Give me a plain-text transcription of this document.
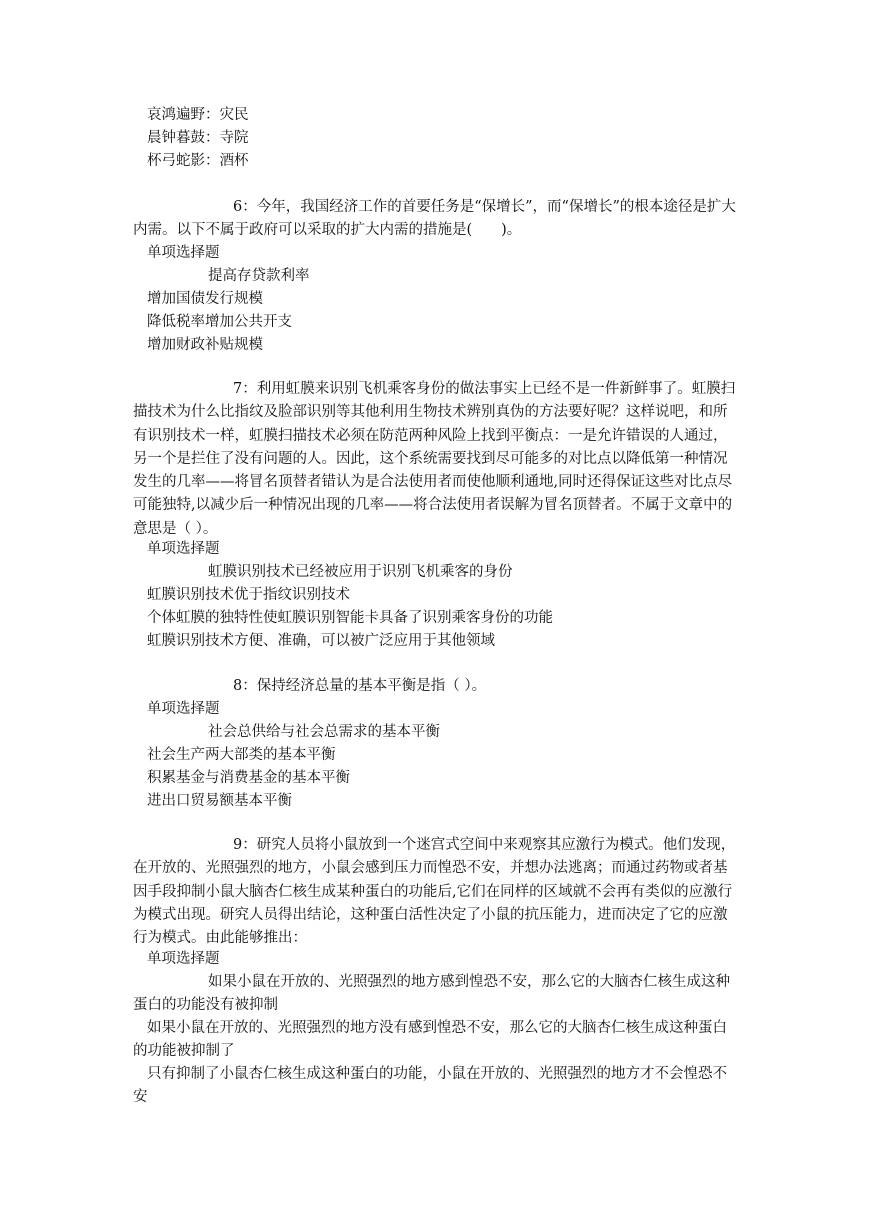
哀鸿遍野：灾民
晨钟暮鼓：寺院
杯弓蛇影：酒杯
6：今年，我国经济工作的首要任务是“保增长”，而“保增长”的根本途径是扩大内需。以下不属于政府可以采取的扩大内需的措施是(　　)。
单项选择题
提高存贷款利率
增加国债发行规模
降低税率增加公共开支
增加财政补贴规模
7：利用虹膜来识别飞机乘客身份的做法事实上已经不是一件新鲜事了。虹膜扫描技术为什么比指纹及脸部识别等其他利用生物技术辨别真伪的方法要好呢？这样说吧，和所有识别技术一样，虹膜扫描技术必须在防范两种风险上找到平衡点：一是允许错误的人通过，另一个是拦住了没有问题的人。因此，这个系统需要找到尽可能多的对比点以降低第一种情况发生的几率——将冒名顶替者错认为是合法使用者而使他顺利通地,同时还得保证这些对比点尽可能独特,以减少后一种情况出现的几率——将合法使用者误解为冒名顶替者。不属于文章中的意思是（ ）。
单项选择题
虹膜识别技术已经被应用于识别飞机乘客的身份
虹膜识别技术优于指纹识别技术
个体虹膜的独特性使虹膜识别智能卡具备了识别乘客身份的功能
虹膜识别技术方便、准确，可以被广泛应用于其他领域
8：保持经济总量的基本平衡是指（ ）。
单项选择题
社会总供给与社会总需求的基本平衡
社会生产两大部类的基本平衡
积累基金与消费基金的基本平衡
进出口贸易额基本平衡
9：研究人员将小鼠放到一个迷宫式空间中来观察其应激行为模式。他们发现，在开放的、光照强烈的地方，小鼠会感到压力而惶恐不安，并想办法逃离；而通过药物或者基因手段抑制小鼠大脑杏仁核生成某种蛋白的功能后,它们在同样的区域就不会再有类似的应激行为模式出现。研究人员得出结论，这种蛋白活性决定了小鼠的抗压能力，进而决定了它的应激行为模式。由此能够推出：
单项选择题
如果小鼠在开放的、光照强烈的地方感到惶恐不安，那么它的大脑杏仁核生成这种蛋白的功能没有被抑制
如果小鼠在开放的、光照强烈的地方没有感到惶恐不安，那么它的大脑杏仁核生成这种蛋白的功能被抑制了
只有抑制了小鼠杏仁核生成这种蛋白的功能，小鼠在开放的、光照强烈的地方才不会惶恐不安
